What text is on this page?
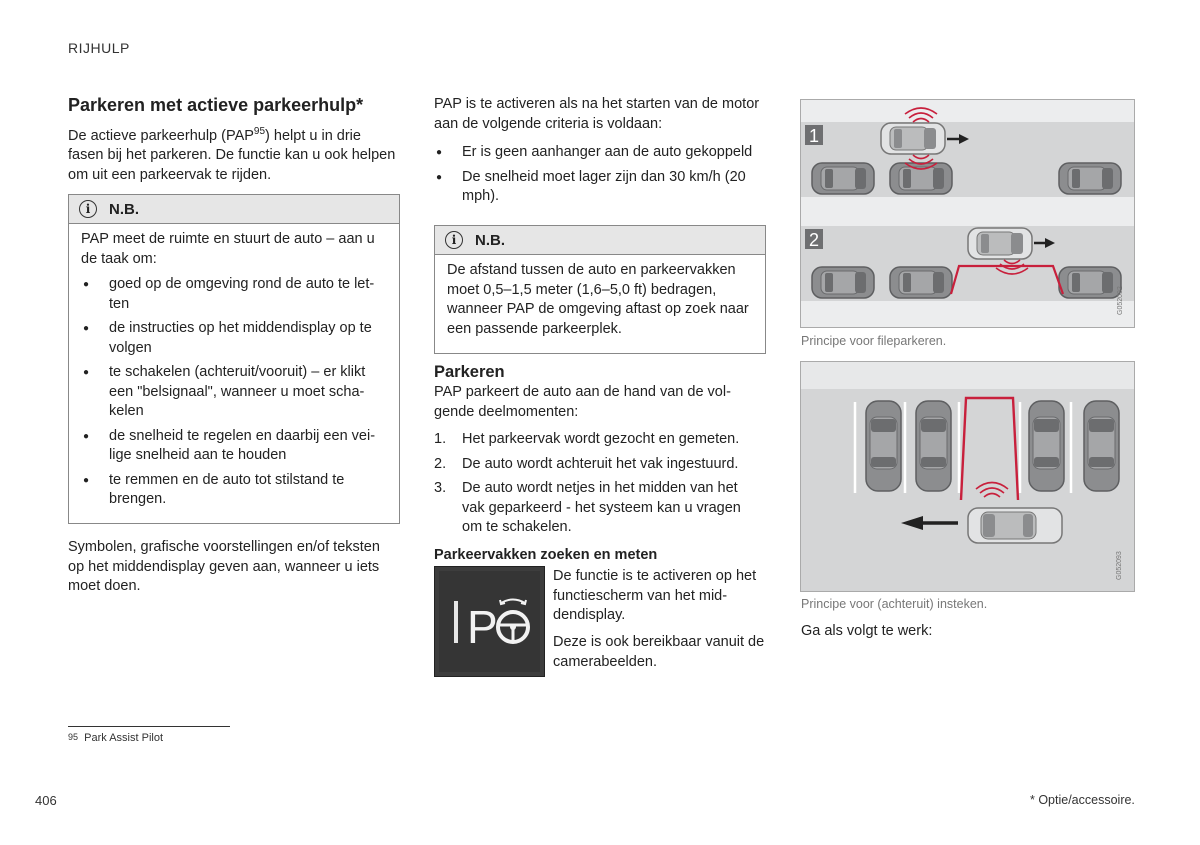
RIJHULP
Parkeren met actieve parkeerhulp*

De actieve parkeerhulp (PAP$^{95}$) helpt u in drie fasen bij het parkeren. De functie kan u ook helpen om uit een parkeervak te rijden.

i	N.B.

PAP meet de ruimte en stuurt de auto – aan u de taak om:

● goed op de omgeving rond de auto te letten
● de instructies op het middendisplay op te volgen
● te schakelen (achteruit/vooruit) – er klikt een "belsignaal", wanneer u moet schakelen
● de snelheid te regelen en daarbij een veilige snelheid aan te houden
● te remmen en de auto tot stilstand te brengen.

Symbolen, grafische voorstellingen en/of teksten op het middendisplay geven aan, wanneer u iets moet doen.

PAP is te activeren als na het starten van de motor aan de volgende criteria is voldaan:

● Er is geen aanhanger aan de auto gekoppeld
● De snelheid moet lager zijn dan 30 km/h (20 mph).
i	N.B.

De afstand tussen de auto en parkeervakken moet 0,5–1,5 meter (1,6–5,0 ft) bedragen, wanneer PAP de omgeving aftast op zoek naar een passende parkeerplek.

Parkeren

PAP parkeert de auto aan de hand van de volgende deelmomenten:

1. Het parkeervak wordt gezocht en gemeten.
2. De auto wordt achteruit het vak ingestuurd.
3. De auto wordt netjes in het midden van het vak geparkeerd - het systeem kan u vragen om te schakelen.
Parkeervakken zoeken en meten
P

De functie is te activeren op het functiescherm van het middendisplay.

Deze is ook bereikbaar vanuit de camerabeelden.

1
2
G052092
Principe voor fileparkeren.
G052093
Principe voor (achteruit) insteken.

Ga als volgt te werk:

$^{95}$ Park Assist Pilot
406	* Optie/accessoire.
